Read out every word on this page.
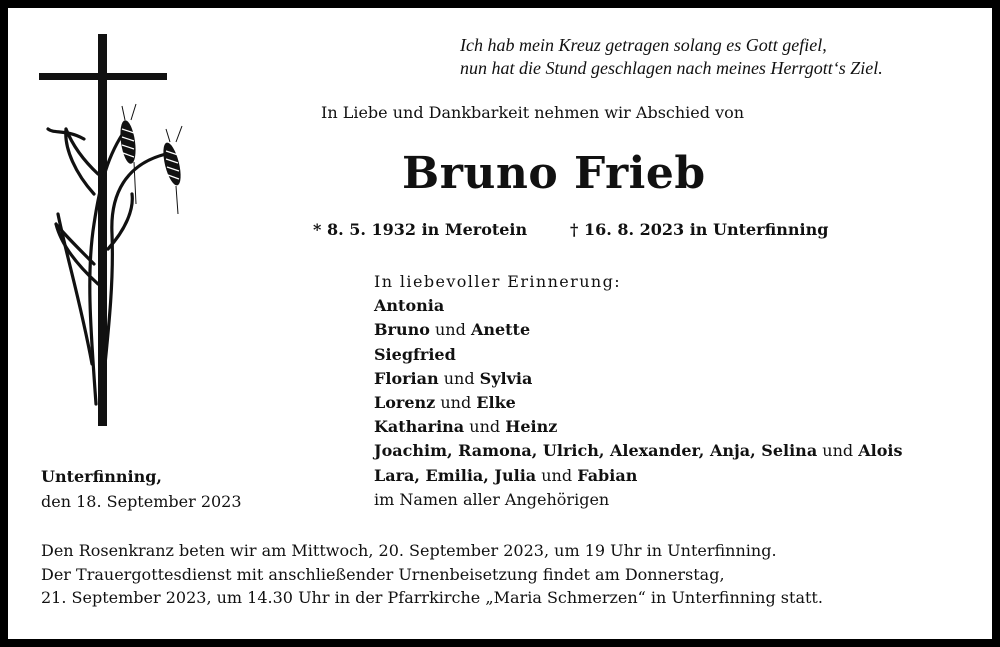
Ich hab mein Kreuz getragen solang es Gott gefiel,
nun hat die Stund geschlagen nach meines Herrgott‘s Ziel.
In Liebe und Dankbarkeit nehmen wir Abschied von
Bruno Frieb
* 8. 5. 1932 in Merotein	† 16. 8. 2023 in Unterfinning
In liebevoller Erinnerung:
Antonia
Bruno und Anette
Siegfried
Florian und Sylvia
Lorenz und Elke
Katharina und Heinz
Joachim, Ramona, Ulrich, Alexander, Anja, Selina und Alois
Lara, Emilia, Julia und Fabian
im Namen aller Angehörigen
Unterfinning,
den 18. September 2023
Den Rosenkranz beten wir am Mittwoch, 20. September 2023, um 19 Uhr in Unterfinning.
Der Trauergottesdienst mit anschließender Urnenbeisetzung findet am Donnerstag,
21. September 2023, um 14.30 Uhr in der Pfarrkirche „Maria Schmerzen“ in Unterfinning statt.
